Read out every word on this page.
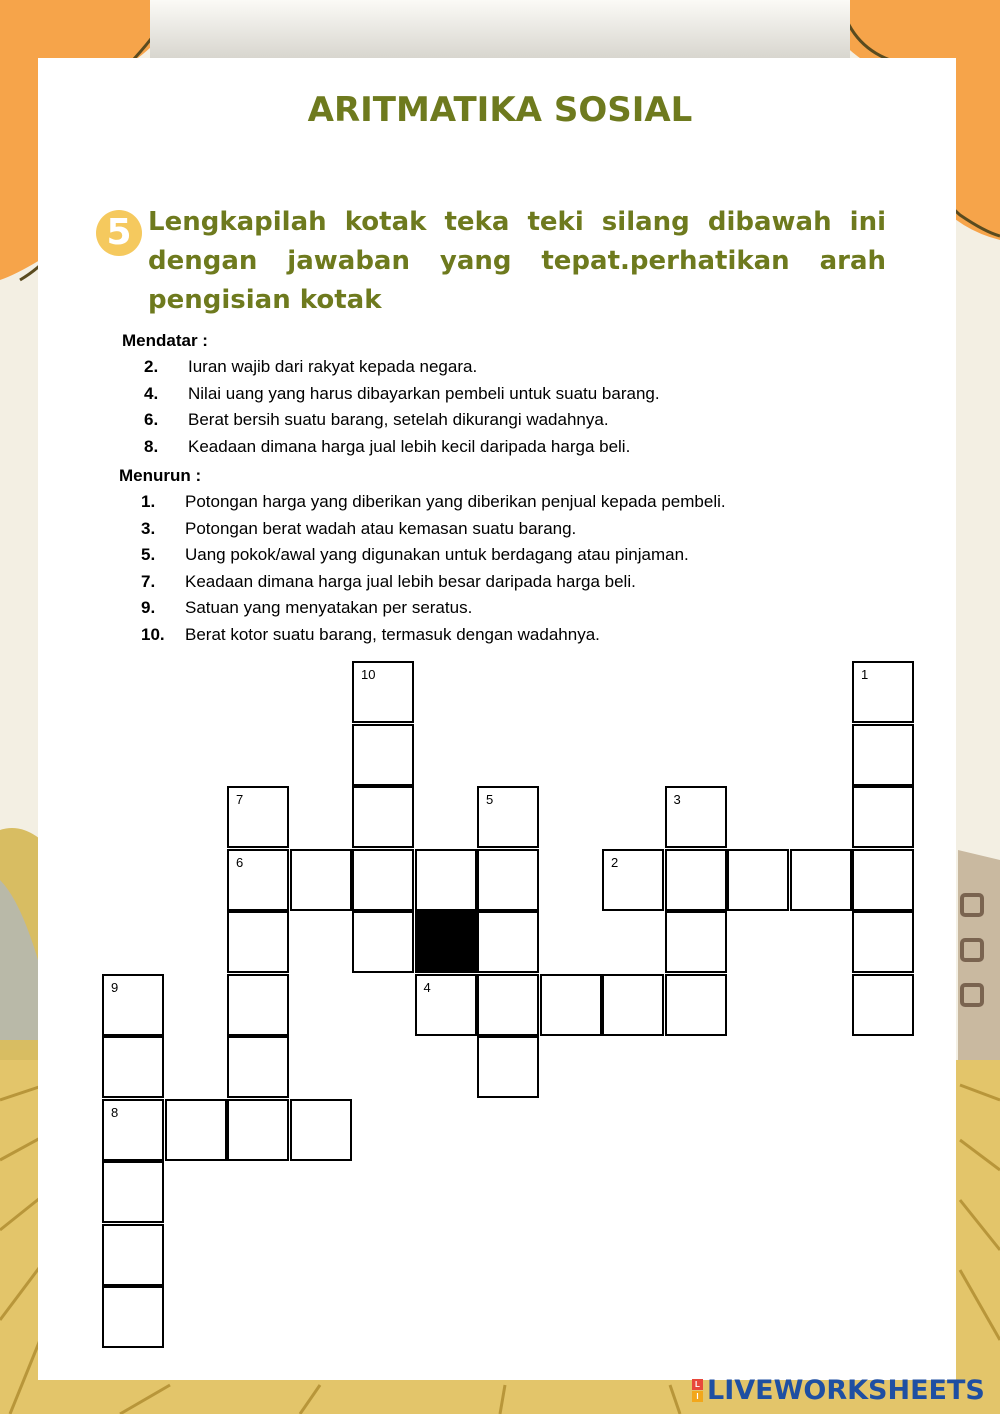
ARITMATIKA SOSIAL
5 Lengkapilah kotak teka teki silang dibawah ini dengan jawaban yang tepat.perhatikan arah pengisian kotak
Mendatar :
2. Iuran wajib dari rakyat kepada negara.
4. Nilai uang yang harus dibayarkan pembeli untuk suatu barang.
6. Berat bersih suatu barang, setelah dikurangi wadahnya.
8. Keadaan dimana harga jual lebih kecil daripada harga beli.
Menurun :
1. Potongan harga yang diberikan yang diberikan penjual kepada pembeli.
3. Potongan berat wadah atau kemasan suatu barang.
5. Uang pokok/awal yang digunakan untuk berdagang atau pinjaman.
7. Keadaan dimana harga jual lebih besar daripada harga beli.
9. Satuan yang menyatakan per seratus.
10. Berat kotor suatu barang, termasuk dengan wadahnya.
10	1
7	5	3
6	2
9	4
8
L
I LIVEWORKSHEETS
